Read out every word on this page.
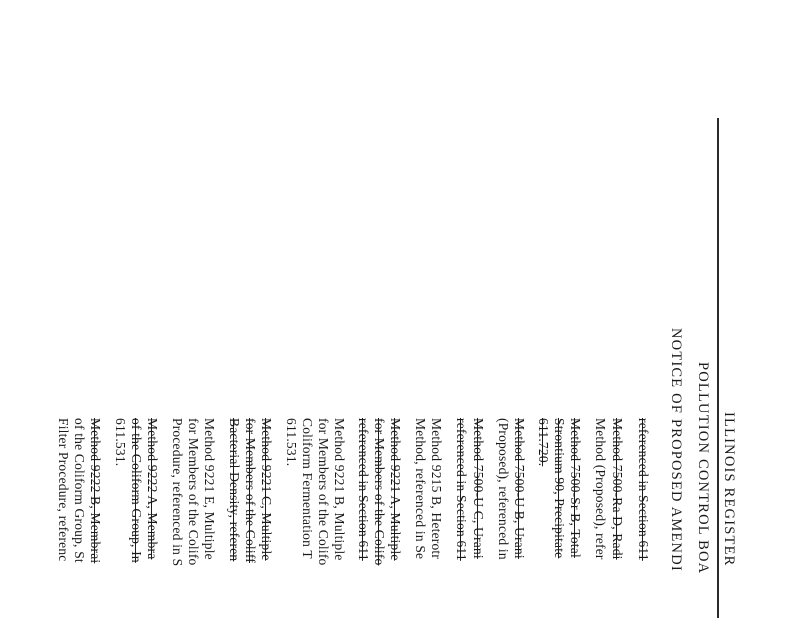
ILLINOIS REGISTER
POLLUTION CONTROL BOA
NOTICE OF PROPOSED AMENDI
referenced in Section 611
Method 7500-Ra D, Radi
Method (Proposed), refer
Method 7500-Sr B, Total
Strontium 90, Precipitate
611.720.
Method 7500-U B, Urani
(Proposed), referenced in
Method 7500-U C, Urani
referenced in Section 611
Method 9215 B, Heterotr
Method, referenced in Se
Method 9221 A, Multiple
for Members of the Colifo
referenced in Section 611
Method 9221 B, Multiple
for Members of the Colifo
Coliform Fermentation T
611.531.
Method 9221 C, Multiple
for Members of the Coliff
Bacterial Density, referen
Method 9221 E, Multiple
for Members of the Colifo
Procedure, referenced in S
Method 9222 A, Membra
of the Coliform Group, In
611.531.
Method 9222 B, Membrai
of the Coliform Group, St
Filter Procedure, referenc
